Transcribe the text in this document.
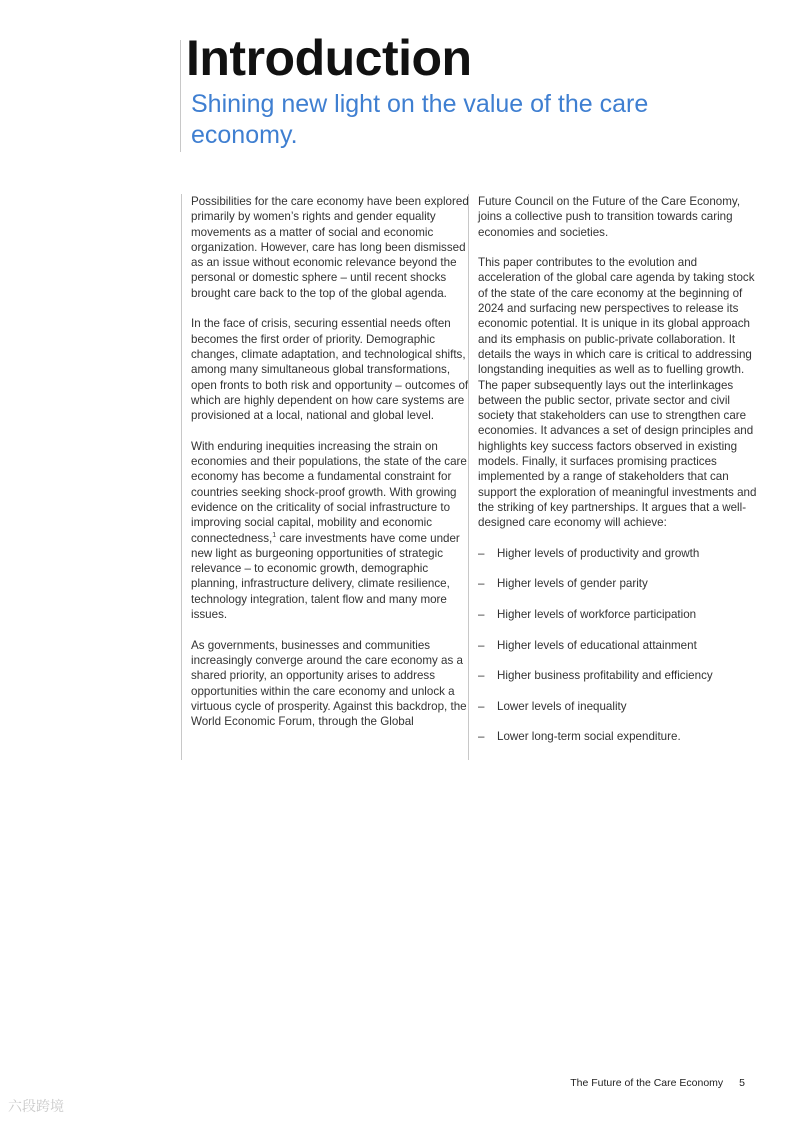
Introduction
Shining new light on the value of the care economy.

Possibilities for the care economy have been explored primarily by women’s rights and gender equality movements as a matter of social and economic organization. However, care has long been dismissed as an issue without economic relevance beyond the personal or domestic sphere – until recent shocks brought care back to the top of the global agenda.

In the face of crisis, securing essential needs often becomes the first order of priority. Demographic changes, climate adaptation, and technological shifts, among many simultaneous global transformations, open fronts to both risk and opportunity – outcomes of which are highly dependent on how care systems are provisioned at a local, national and global level.

With enduring inequities increasing the strain on economies and their populations, the state of the care economy has become a fundamental constraint for countries seeking shock-proof growth. With growing evidence on the criticality of social infrastructure to improving social capital, mobility and economic connectedness,$^1$ care investments have come under new light as burgeoning opportunities of strategic relevance – to economic growth, demographic planning, infrastructure delivery, climate resilience, technology integration, talent flow and many more issues.

As governments, businesses and communities increasingly converge around the care economy as a shared priority, an opportunity arises to address opportunities within the care economy and unlock a virtuous cycle of prosperity. Against this backdrop, the World Economic Forum, through the Global

Future Council on the Future of the Care Economy, joins a collective push to transition towards caring economies and societies.

This paper contributes to the evolution and acceleration of the global care agenda by taking stock of the state of the care economy at the beginning of 2024 and surfacing new perspectives to release its economic potential. It is unique in its global approach and its emphasis on public-private collaboration. It details the ways in which care is critical to addressing longstanding inequities as well as to fuelling growth. The paper subsequently lays out the interlinkages between the public sector, private sector and civil society that stakeholders can use to strengthen care economies. It advances a set of design principles and highlights key success factors observed in existing models. Finally, it surfaces promising practices implemented by a range of stakeholders that can support the exploration of meaningful investments and the striking of key partnerships. It argues that a well-designed care economy will achieve:

– Higher levels of productivity and growth
– Higher levels of gender parity
– Higher levels of workforce participation
– Higher levels of educational attainment
– Higher business profitability and efficiency
– Lower levels of inequality
– Lower long-term social expenditure.
The Future of the Care Economy 5
六段跨境
